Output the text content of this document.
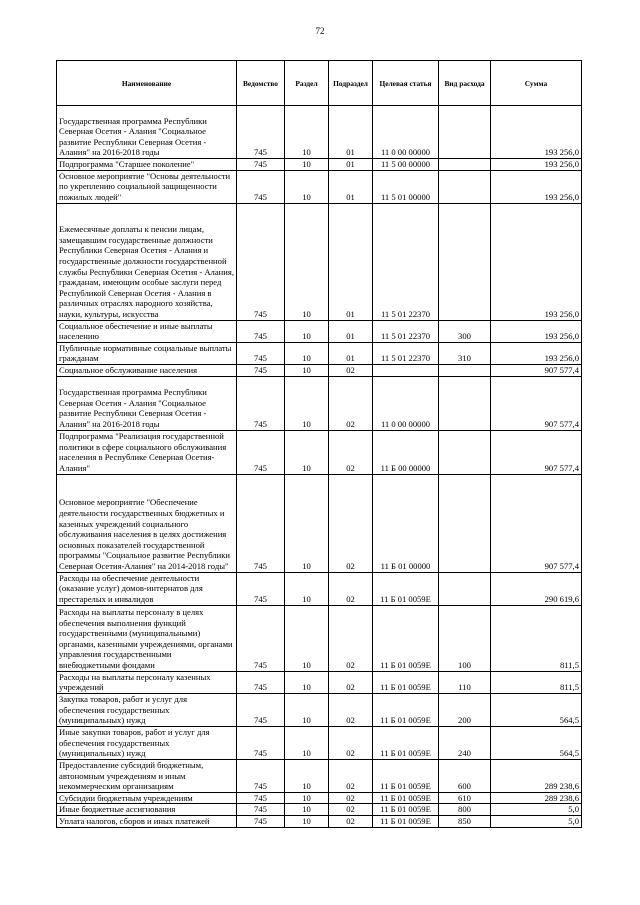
72
Наименование	Ведомство	Раздел	Подраздел	Целевая статья	Вид расхода	Сумма
Государственная программа Республики Северная Осетия - Алания "Социальное развитие Республики Северная Осетия - Алания" на 2016-2018 годы	745	10	01	11 0 00 00000		193 256,0
Подпрограмма "Старшее поколение"	745	10	01	11 5 00 00000		193 256,0
Основное мероприятие "Основы деятельности по укреплению социальной защищенности пожилых людей"	745	10	01	11 5 01 00000		193 256,0
Ежемесячные доплаты к пенсии лицам, замещавшим государственные должности Республики Северная Осетия - Алания и государственные должности государственной службы Республики Северная Осетия - Алания, гражданам, имеющим особые заслуги перед Республикой Северная Осетия - Алания в различных отраслях народного хозяйства, науки, культуры, искусства	745	10	01	11 5 01 22370		193 256,0
Социальное обеспечение и иные выплаты населению	745	10	01	11 5 01 22370	300	193 256,0
Публичные нормативные социальные выплаты гражданам	745	10	01	11 5 01 22370	310	193 256,0
Социальное обслуживание населения	745	10	02			907 577,4
Государственная программа Республики Северная Осетия - Алания "Социальное развитие Республики Северная Осетия - Алания" на 2016-2018 годы	745	10	02	11 0 00 00000		907 577,4
Подпрограмма "Реализация государственной политики в сфере социального обслуживания населения в Республике Северная Осетия-Алания"	745	10	02	11 Б 00 00000		907 577,4
Основное мероприятие "Обеспечение деятельности государственных бюджетных и казенных учреждений социального обслуживания населения в целях достижения основных показателей государственной программы "Социальное развитие Республики Северная Осетия-Алания" на 2014-2018 годы"	745	10	02	11 Б 01 00000		907 577,4
Расходы на обеспечение деятельности (оказание услуг) домов-интернатов для престарелых и инвалидов	745	10	02	11 Б 01 0059Е		290 619,6
Расходы на выплаты персоналу в целях обеспечения выполнения функций государственными (муниципальными) органами, казенными учреждениями, органами управления государственными внебюджетными фондами	745	10	02	11 Б 01 0059Е	100	811,5
Расходы на выплаты персоналу казенных учреждений	745	10	02	11 Б 01 0059Е	110	811,5
Закупка товаров, работ и услуг для обеспечения государственных (муниципальных) нужд	745	10	02	11 Б 01 0059Е	200	564,5
Иные закупки товаров, работ и услуг для обеспечения государственных (муниципальных) нужд	745	10	02	11 Б 01 0059Е	240	564,5
Предоставление субсидий бюджетным, автономным учреждениям и иным некоммерческим организациям	745	10	02	11 Б 01 0059Е	600	289 238,6
Субсидии бюджетным учреждениям	745	10	02	11 Б 01 0059Е	610	289 238,6
Иные бюджетные ассигнования	745	10	02	11 Б 01 0059Е	800	5,0
Уплата налогов, сборов и иных платежей	745	10	02	11 Б 01 0059Е	850	5,0
